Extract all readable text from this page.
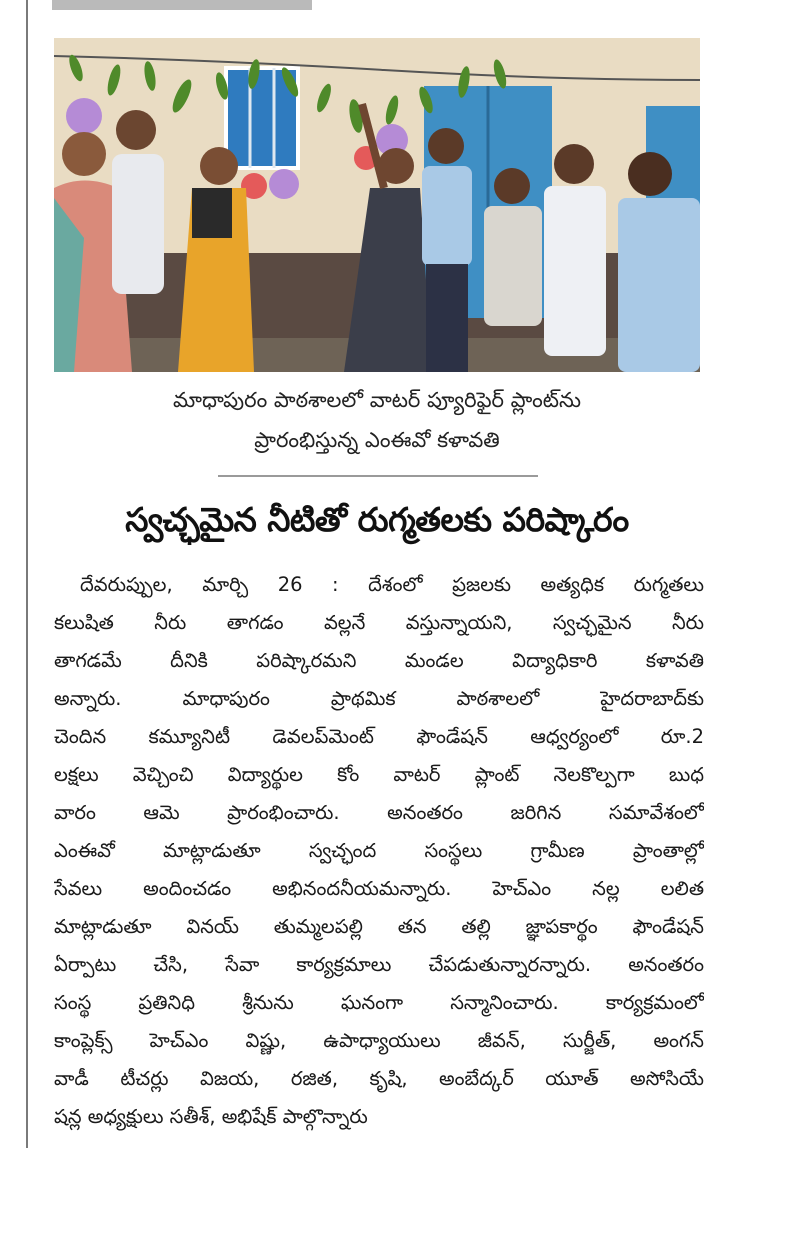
మాధాపురం పాఠశాలలో వాటర్ ప్యూరిఫైర్ ప్లాంట్‌ను
ప్రారంభిస్తున్న ఎంఈవో కళావతి
స్వచ్ఛమైన నీటితో రుగ్మతలకు పరిష్కారం
దేవరుప్పుల, మార్చి 26 : దేశంలో ప్రజలకు అత్యధిక రుగ్మతలు
కలుషిత నీరు తాగడం వల్లనే వస్తున్నాయని, స్వచ్ఛమైన నీరు
తాగడమే దీనికి పరిష్కారమని మండల విద్యాధికారి కళావతి
అన్నారు. మాధాపురం ప్రాథమిక పాఠశాలలో హైదరాబాద్‌కు
చెందిన కమ్యూనిటీ డెవలప్‌మెంట్ ఫౌండేషన్ ఆధ్వర్యంలో రూ.2
లక్షలు వెచ్చించి విద్యార్థుల కోం వాటర్ ప్లాంట్ నెలకొల్పగా బుధ
వారం ఆమె ప్రారంభించారు. అనంతరం జరిగిన సమావేశంలో
ఎంఈవో మాట్లాడుతూ స్వచ్ఛంద సంస్థలు గ్రామీణ ప్రాంతాల్లో
సేవలు అందించడం అభినందనీయమన్నారు. హెచ్‌ఎం నల్ల లలిత
మాట్లాడుతూ వినయ్ తుమ్మలపల్లి తన తల్లి జ్ఞాపకార్థం ఫౌండేషన్
ఏర్పాటు చేసి, సేవా కార్యక్రమాలు చేపడుతున్నారన్నారు. అనంతరం
సంస్థ ప్రతినిధి శ్రీనును ఘనంగా సన్మానించారు. కార్యక్రమంలో
కాంప్లెక్స్ హెచ్‌ఎం విష్ణు, ఉపాధ్యాయులు జీవన్, సుర్జీత్, అంగన్
వాడీ టీచర్లు విజయ, రజిత, కృషి, అంబేద్కర్ యూత్ అసోసియే
షన్ల అధ్యక్షులు సతీశ్, అభిషేక్ పాల్గొన్నారు
